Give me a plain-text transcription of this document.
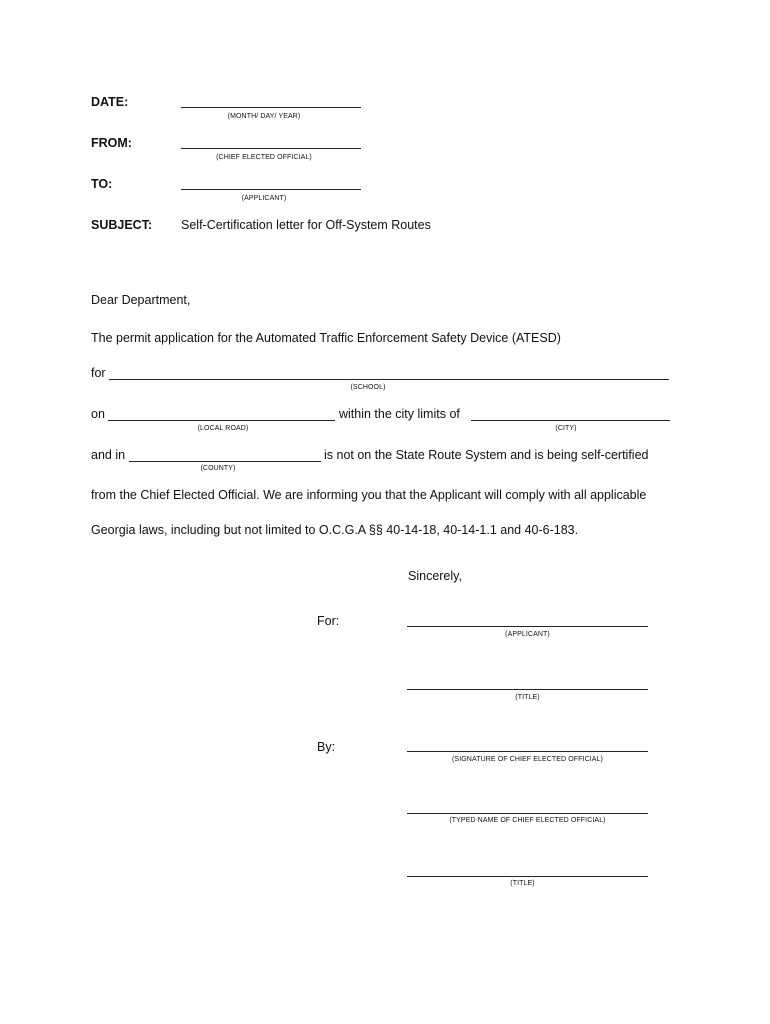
DATE:
(MONTH/ DAY/ YEAR)
FROM:
(CHIEF ELECTED OFFICIAL)
TO:
(APPLICANT)
SUBJECT: Self-Certification letter for Off-System Routes
Dear Department,
The permit application for the Automated Traffic Enforcement Safety Device (ATESD)
for
(SCHOOL)
on
(LOCAL ROAD)
within the city limits of
(CITY)
and in
(COUNTY)
is not on the State Route System and is being self-certified
from the Chief Elected Official. We are informing you that the Applicant will comply with all applicable
Georgia laws, including but not limited to O.C.G.A §§ 40-14-18, 40-14-1.1 and 40-6-183.
Sincerely,
For:
(APPLICANT)
(TITLE)
By:
(SIGNATURE OF CHIEF ELECTED OFFICIAL)
(TYPED NAME OF CHIEF ELECTED OFFICIAL)
(TITLE)
